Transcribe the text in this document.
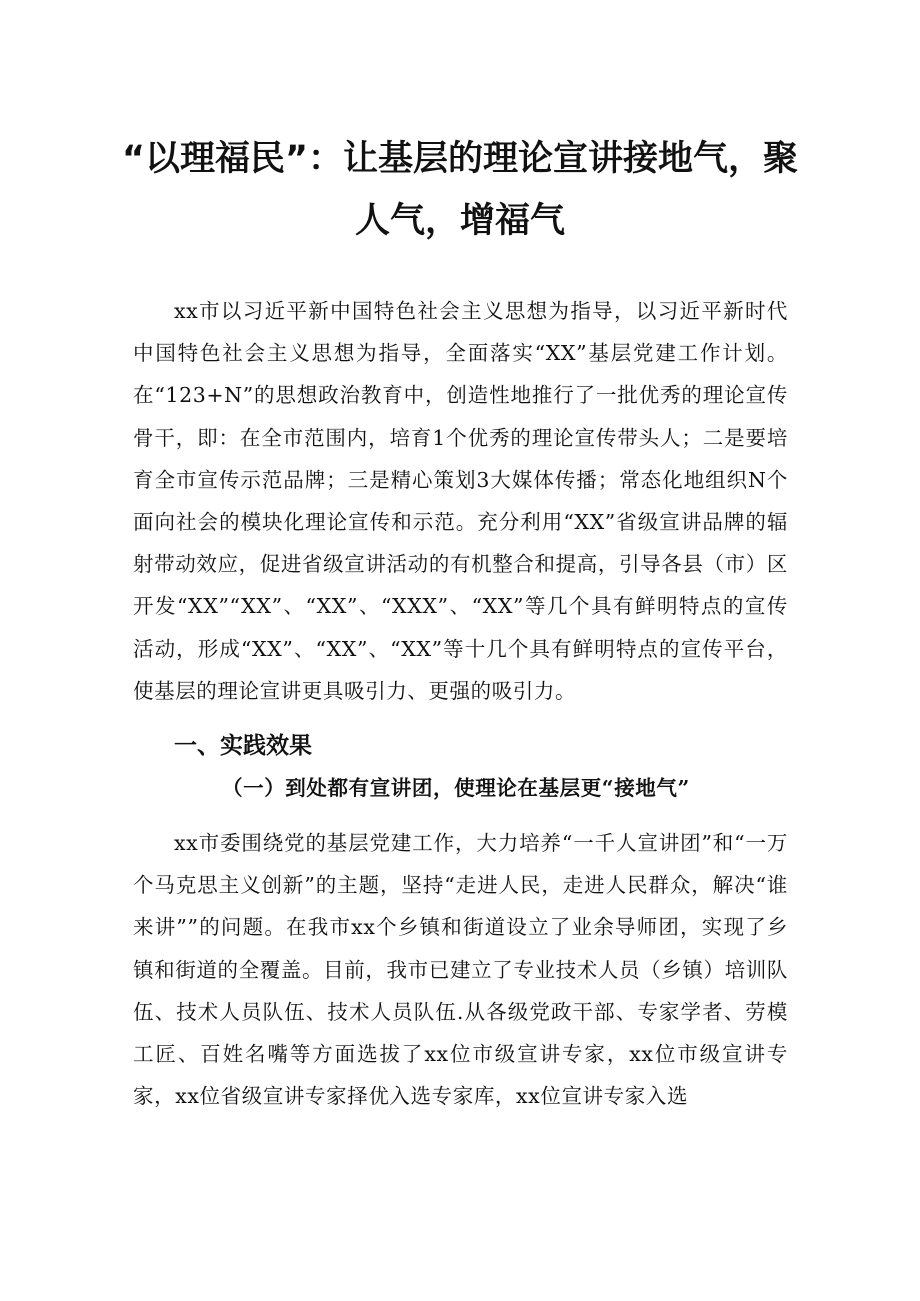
“以理福民”：让基层的理论宣讲接地气，聚人气，增福气

xx市以习近平新中国特色社会主义思想为指导，以习近平新时代中国特色社会主义思想为指导，全面落实“XX”基层党建工作计划。在“123+N”的思想政治教育中，创造性地推行了一批优秀的理论宣传骨干，即：在全市范围内，培育1个优秀的理论宣传带头人；二是要培育全市宣传示范品牌；三是精心策划3大媒体传播；常态化地组织N个面向社会的模块化理论宣传和示范。充分利用“XX”省级宣讲品牌的辐射带动效应，促进省级宣讲活动的有机整合和提高，引导各县（市）区开发“XX”“XX”、“XX”、“XXX”、“XX”等几个具有鲜明特点的宣传活动，形成“XX”、“XX”、“XX”等十几个具有鲜明特点的宣传平台，使基层的理论宣讲更具吸引力、更强的吸引力。

一、实践效果
（一）到处都有宣讲团，使理论在基层更“接地气”

xx市委围绕党的基层党建工作，大力培养“一千人宣讲团”和“一万个马克思主义创新”的主题，坚持“走进人民，走进人民群众，解决“谁来讲””的问题。在我市xx个乡镇和街道设立了业余导师团，实现了乡镇和街道的全覆盖。目前，我市已建立了专业技术人员（乡镇）培训队伍、技术人员队伍、技术人员队伍.从各级党政干部、专家学者、劳模工匠、百姓名嘴等方面选拔了xx位市级宣讲专家，xx位市级宣讲专家，xx位省级宣讲专家择优入选专家库，xx位宣讲专家入选
